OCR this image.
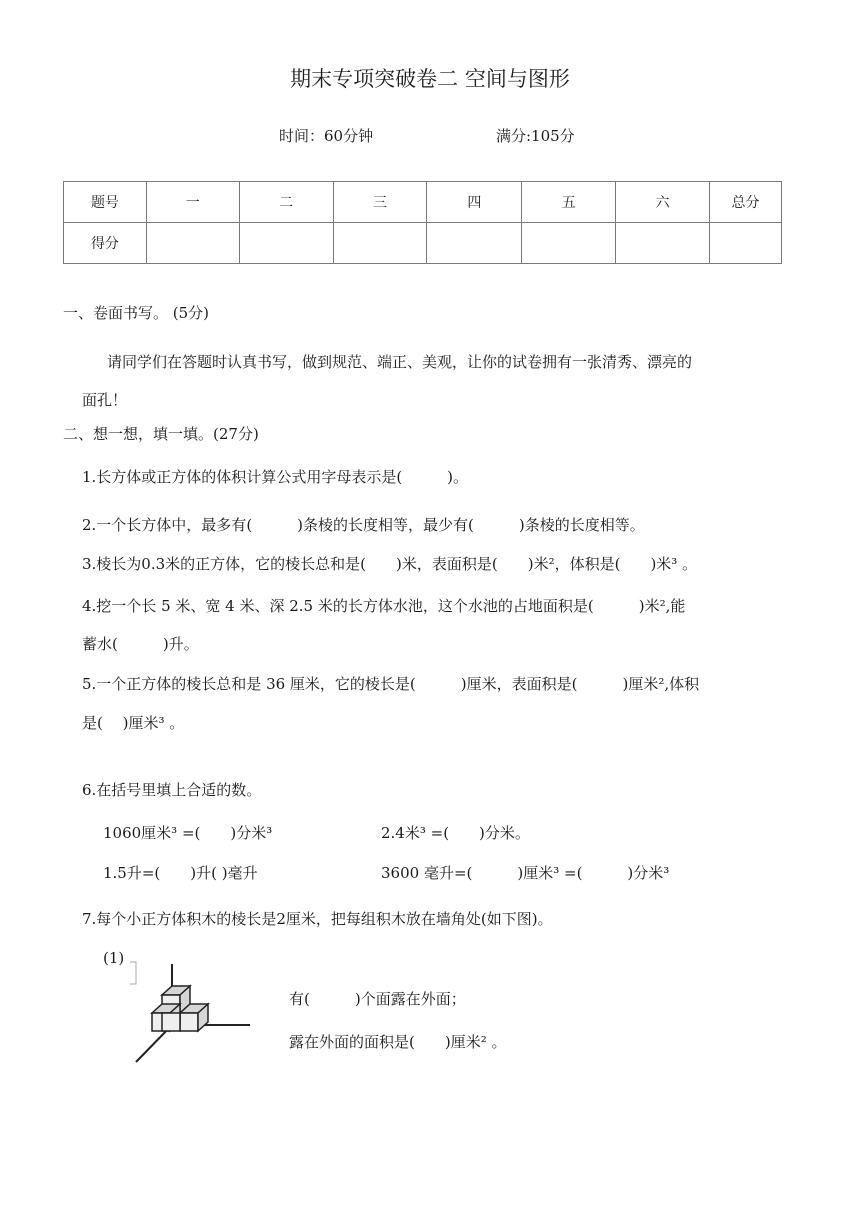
期末专项突破卷二 空间与图形
时间：60分钟	满分:105分
题号	一	二	三	四	五	六	总分
得分							
一、卷面书写。 (5分)
请同学们在答题时认真书写，做到规范、端正、美观，让你的试卷拥有一张清秀、漂亮的
面孔！
二、想一想，填一填。(27分)
1.长方体或正方体的体积计算公式用字母表示是(　　　)。
2.一个长方体中，最多有(　　　)条棱的长度相等，最少有(　　　)条棱的长度相等。
3.棱长为0.3米的正方体，它的棱长总和是(　　)米，表面积是(　　)米²，体积是(　　)米³ 。
4.挖一个长 5 米、宽 4 米、深 2.5 米的长方体水池，这个水池的占地面积是(　　　)米²,能
蓄水(　　　)升。
5.一个正方体的棱长总和是 36 厘米，它的棱长是(　　　)厘米，表面积是(　　　)厘米²,体积
是(　 )厘米³ 。
6.在括号里填上合适的数。
1060厘米³ =(　　)分米³	2.4米³ =(　　)分米。
1.5升=(　　)升( )毫升	3600 毫升=(　　　)厘米³ =(　　　)分米³
7.每个小正方体积木的棱长是2厘米，把每组积木放在墙角处(如下图)。
(1)
有(　　　)个面露在外面；
露在外面的面积是(　　)厘米² 。
